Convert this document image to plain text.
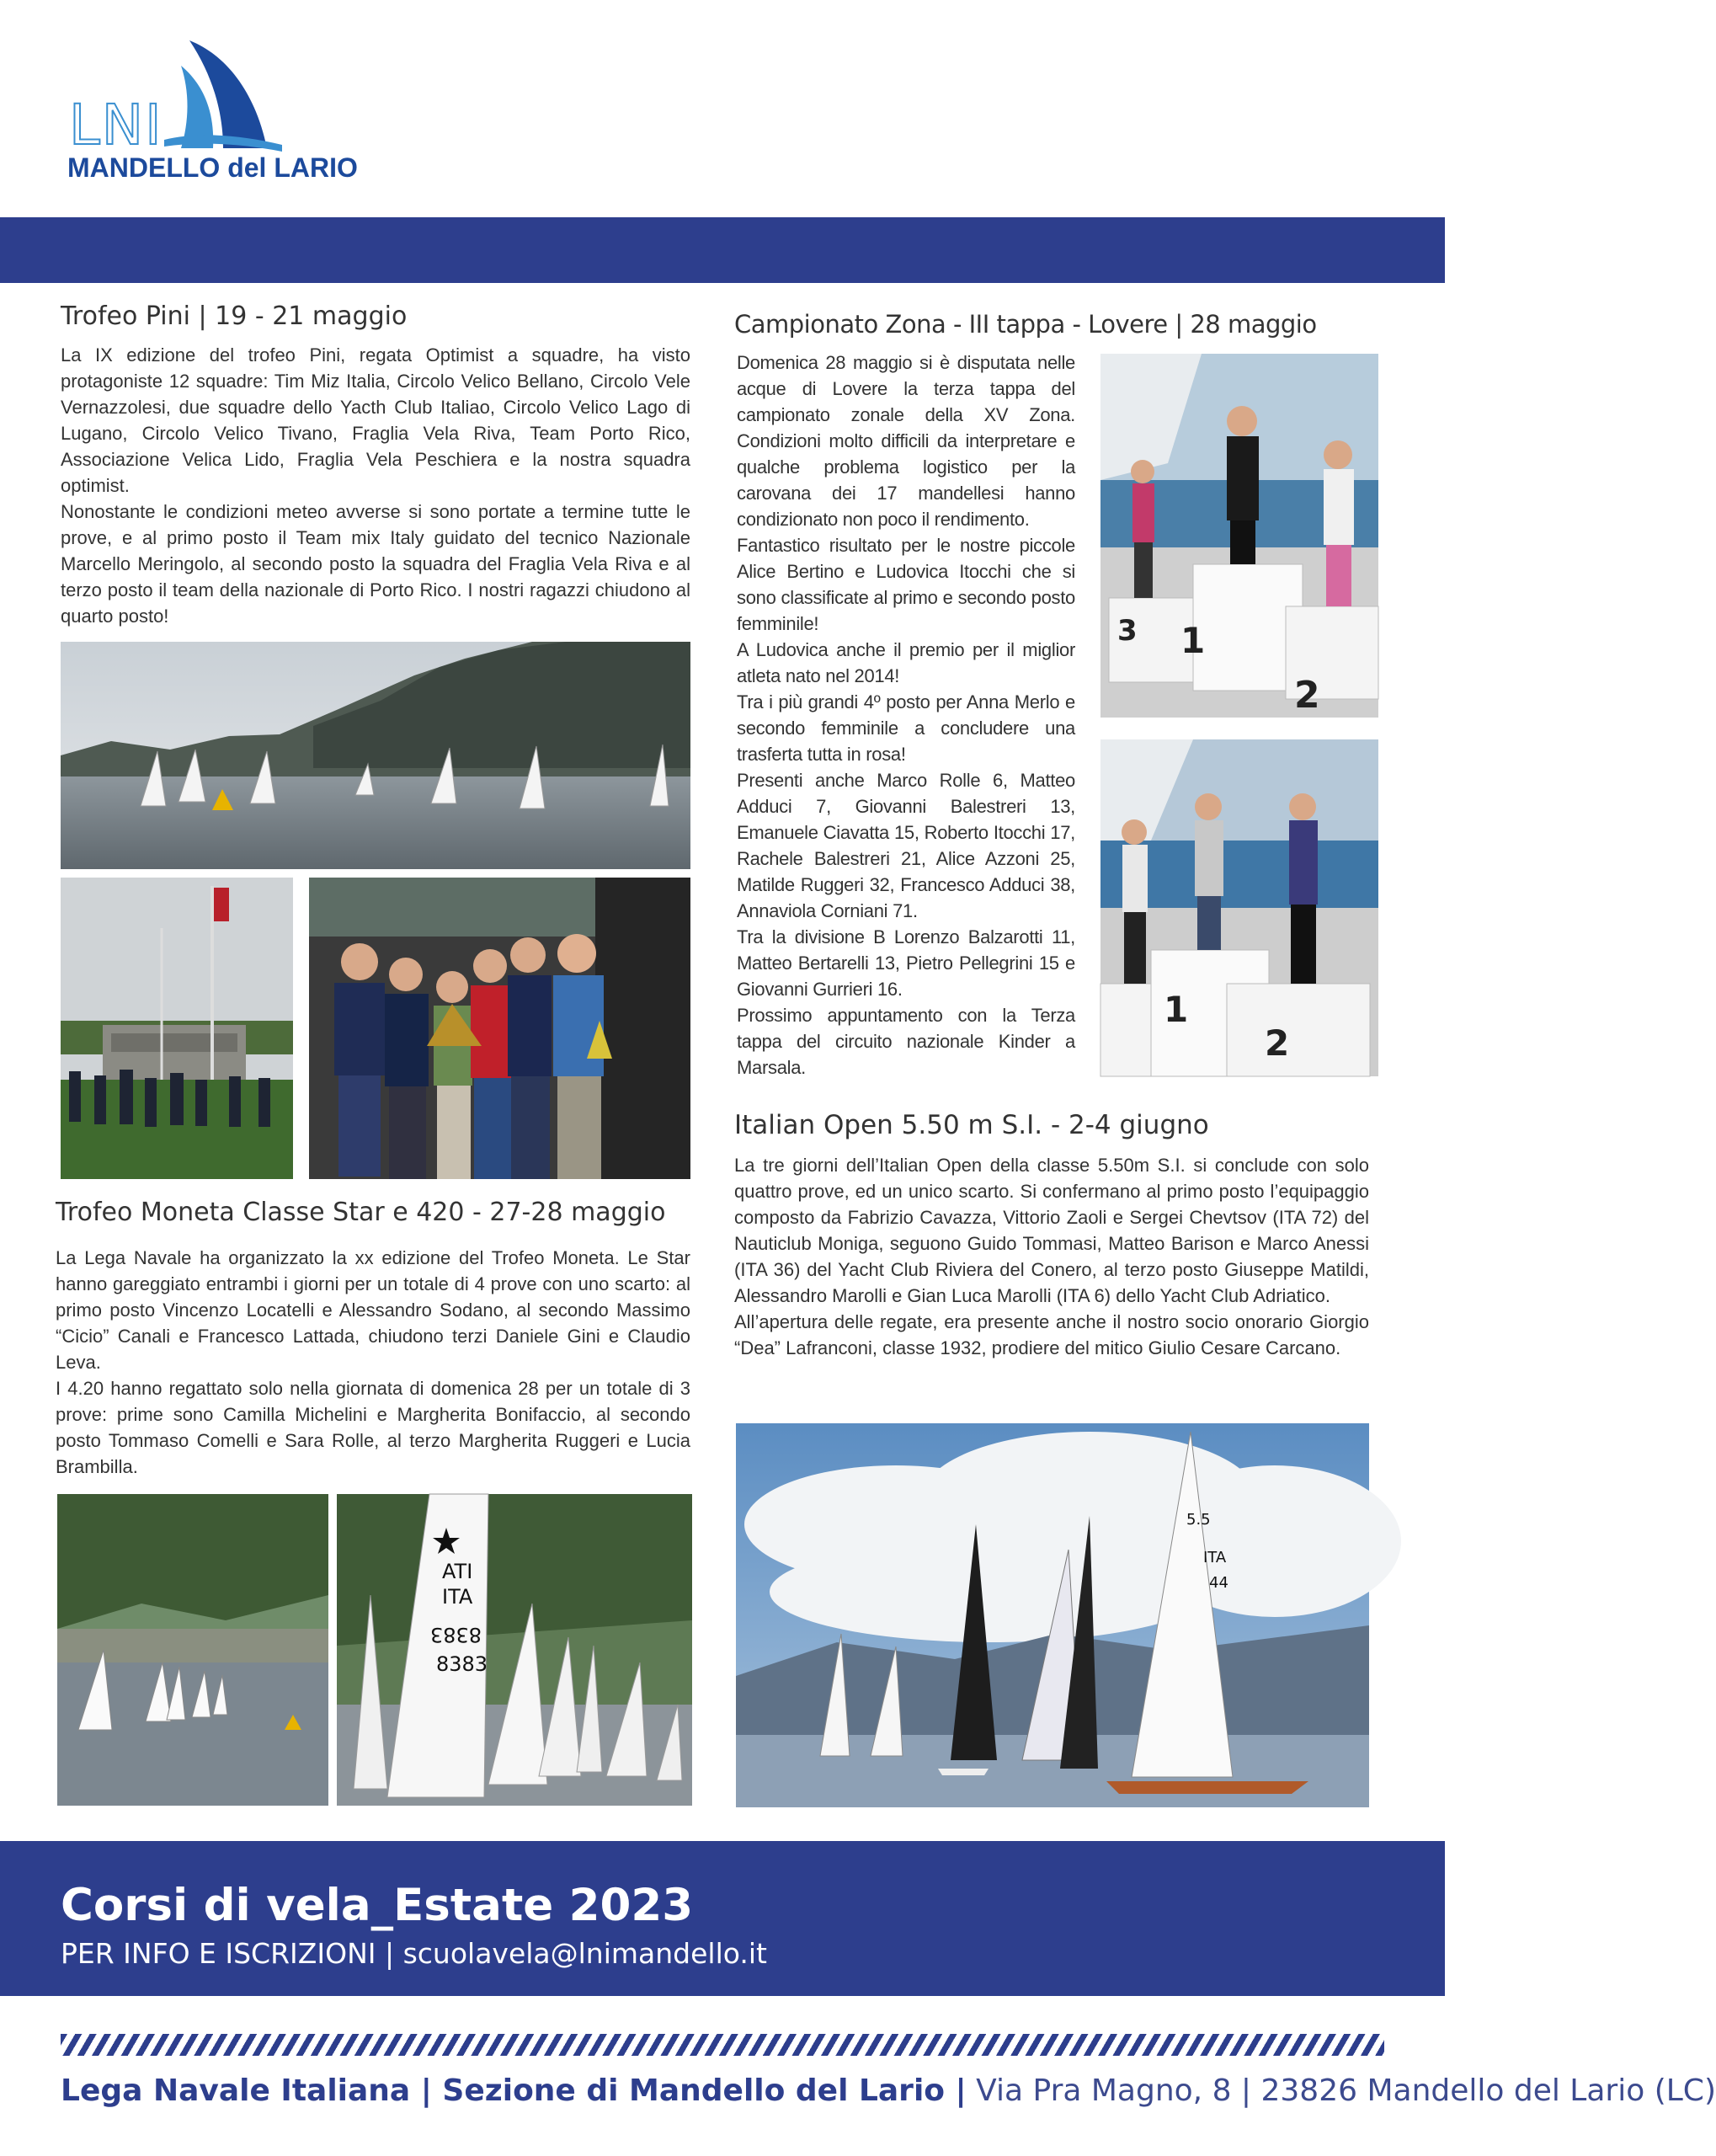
LNI
MANDELLO del LARIO
Trofeo Pini | 19 - 21 maggio

La IX edizione del trofeo Pini, regata Optimist a squadre, ha visto protagoniste 12 squadre: Tim Miz Italia, Circolo Velico Bellano, Circolo Vele Vernazzolesi, due squadre dello Yacth Club Italiao, Circolo Velico Lago di Lugano, Circolo Velico Tivano, Fraglia Vela Riva, Team Porto Rico, Associazione Velica Lido, Fraglia Vela Peschiera e la nostra squadra optimist.

Nonostante le condizioni meteo avverse si sono portate a termine tutte le prove, e al primo posto il Team mix Italy guidato del tecnico Nazionale Marcello Meringolo, al secondo posto la squadra del Fraglia Vela Riva e al terzo posto il team della nazionale di Porto Rico. I nostri ragazzi chiudono al quarto posto!

Campionato Zona - III tappa - Lovere | 28 maggio

Domenica 28 maggio si è disputata nelle acque di Lovere la terza tappa del campionato zonale della XV Zona. Condizioni molto difficili da interpretare e qualche problema logistico per la carovana dei 17 mandellesi hanno condizionato non poco il rendimento.

Fantastico risultato per le nostre piccole Alice Bertino e Ludovica Itocchi che si sono classificate al primo e secondo posto femminile!

A Ludovica anche il premio per il miglior atleta nato nel 2014!

Tra i più grandi 4º posto per Anna Merlo e secondo femminile a concludere una trasferta tutta in rosa!

Presenti anche Marco Rolle 6, Matteo Adduci 7, Giovanni Balestreri 13, Emanuele Ciavatta 15, Roberto Itocchi 17, Rachele Balestreri 21, Alice Azzoni 25, Matilde Ruggeri 32, Francesco Adduci 38, Annaviola Corniani 71.

Tra la divisione B Lorenzo Balzarotti 11, Matteo Bertarelli 13, Pietro Pellegrini 15 e Giovanni Gurrieri 16.

Prossimo appuntamento con la Terza tappa del circuito nazionale Kinder a Marsala.

3 1
2
1
2
Trofeo Moneta Classe Star e 420 - 27-28 maggio

La Lega Navale ha organizzato la xx edizione del Trofeo Moneta. Le Star hanno gareggiato entrambi i giorni per un totale di 4 prove con uno scarto: al primo posto Vincenzo Locatelli e Alessandro Sodano, al secondo Massimo “Cicio” Canali e Francesco Lattada, chiudono terzi Daniele Gini e Claudio Leva.

I 4.20 hanno regattato solo nella giornata di domenica 28 per un totale di 3 prove: prime sono Camilla Michelini e Margherita Bonifaccio, al secondo posto Tommaso Comelli e Sara Rolle, al terzo Margherita Ruggeri e Lucia Brambilla.

ATI
ITA
8383
8383
Italian Open 5.50 m S.I. - 2-4 giugno

La tre giorni dell’Italian Open della classe 5.50m S.I. si conclude con solo quattro prove, ed un unico scarto. Si confermano al primo posto l’equipaggio composto da Fabrizio Cavazza, Vittorio Zaoli e Sergei Chevtsov (ITA 72) del Nauticlub Moniga, seguono Guido Tommasi, Matteo Barison e Marco Anessi (ITA 36) del Yacht Club Riviera del Conero, al terzo posto Giuseppe Matildi, Alessandro Marolli e Gian Luca Marolli (ITA 6) dello Yacht Club Adriatico.

All’apertura delle regate, era presente anche il nostro socio onorario Giorgio “Dea” Lafranconi, classe 1932, prodiere del mitico Giulio Cesare Carcano.

5.5
ITA
44
Corsi di vela_Estate 2023
PER INFO E ISCRIZIONI | scuolavela@lnimandello.it
Lega Navale Italiana | Sezione di Mandello del Lario | Via Pra Magno, 8 | 23826 Mandello del Lario (LC)
